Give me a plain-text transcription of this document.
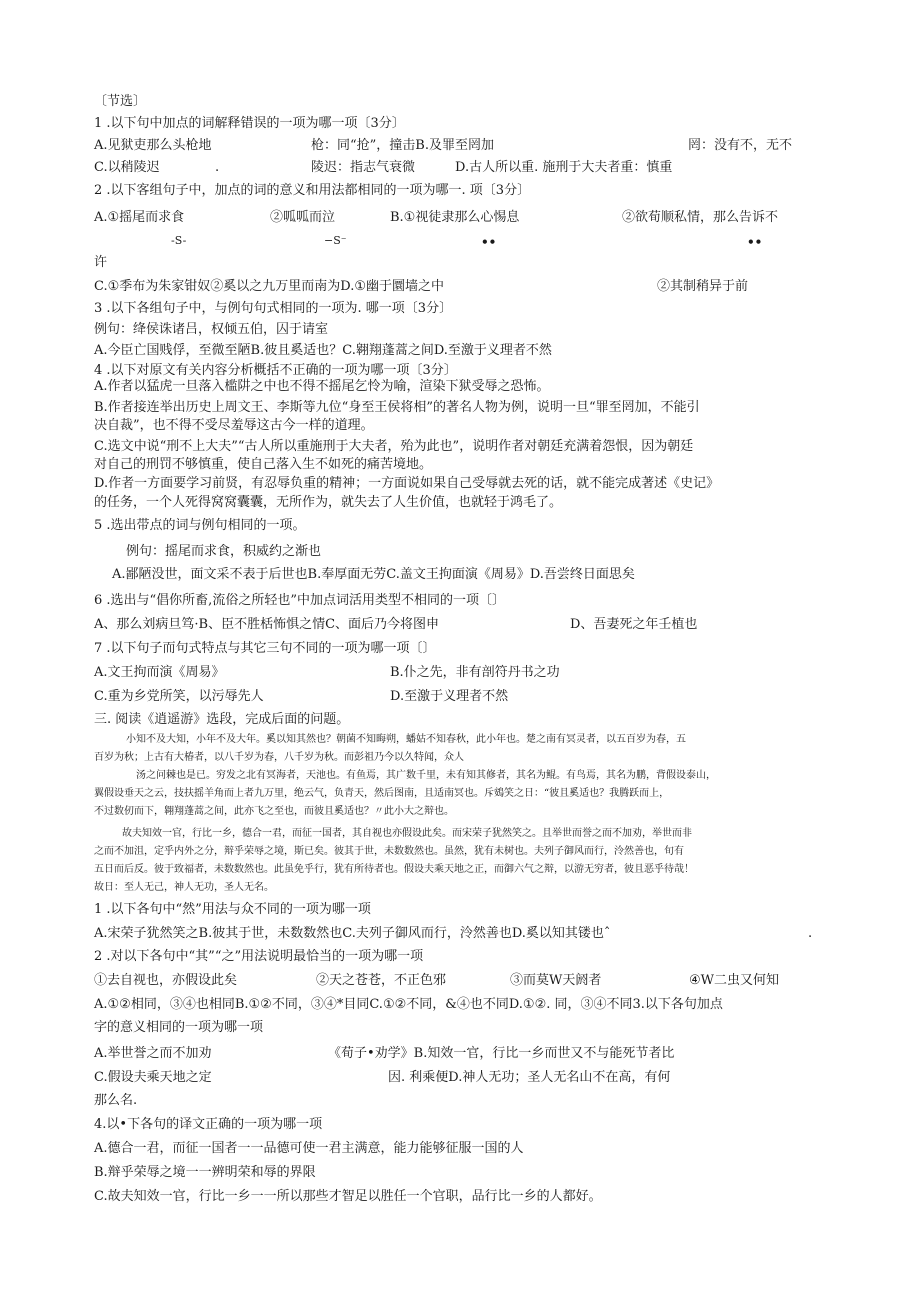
〔节选〕
1 .以下句中加点的词解释错误的一项为哪一项〔3分〕
A.见狱吏那么头枪地	枪：同“抢”，撞击B.及罪至罔加	罔：没有不，无不
C.以稍陵迟	.	陵迟：指志气衰微	D.古人所以重. 施刑于大夫者重：慎重
2 .以下客组句子中，加点的词的意义和用法都相同的一项为哪一. 项〔3分〕
A.①摇尾而求食	②呱呱而泣	B.①视徒隶那么心惕息	②欲荀顺私情，那么告诉不
-S-	−S⁻	••	••
许
C.①季布为朱家钳奴②奚以之九万里而南为D.①幽于圜墙之中	②其制稍异于前
3 .以下各组句子中，与例句句式相同的一项为. 哪一项〔3分〕
例句：绛侯诛诸吕，权倾五伯，囚于请室
A.今臣亡国贱俘，至微至陋B.彼且奚适也？C.翱翔蓬蒿之间D.至激于义理者不然
4 .以下对原文有关内容分析概括不正确的一项为哪一项〔3分〕
A.作者以猛虎一旦落入槛阱之中也不得不摇尾乞怜为喻，渲染下狱受辱之恐怖。
B.作者接连举出历史上周文王、李斯等九位“身至王侯将相”的著名人物为例，说明一旦“罪至罔加，不能引
决自裁”，也不得不受尽羞辱这古今一样的道理。
C.选文中说“刑不上大夫”“古人所以重施刑于大夫者，殆为此也”，说明作者对朝廷充满着怨恨，因为朝廷
对自己的刑罚不够慎重，使自己落入生不如死的痛苦境地。
D.作者一方面要学习前贤，有忍辱负重的精神；一方面说如果自己受辱就去死的话，就不能完成著述《史记》
的任务，一个人死得窝窝囊囊，无所作为，就失去了人生价值，也就轻于鸿毛了。
5 .选出带点的词与例句相同的一项。
例句：摇尾而求食，积威约之渐也
A.鄙陋没世，面文采不表于后世也B.奉厚面无劳C.盖文王拘面演《周易》D.吾尝终日面思矣
6 .选出与“倡你所畜,流俗之所轻也”中加点词活用类型不相同的一项〔〕
A、那么刘病旦笃·B、臣不胜栝怖惧之情C、面后乃今将图申	D、吾妻死之年壬植也
7 .以下句子而句式特点与其它三句不同的一项为哪一项〔〕
A.文王拘而演《周易》	B.仆之先，非有剖符丹书之功
C.重为乡党所笑，以污辱先人	D.至激于义理者不然
三. 阅读《逍遥游》选段，完成后面的问题。
小知不及大知，小年不及大年。奚以知其然也？朝菌不知晦朔，蟠姑不知春秋，此小年也。楚之南有冥灵者，以五百岁为春，五
百岁为秋；上古有大椿者，以八千岁为春，八千岁为秋。而彭祖乃今以久特闻，众人
汤之问棘也是已。穷发之北有冥海者，天池也。有鱼焉，其广数千里，未有知其修者，其名为鲲。有鸟焉，其名为鹏，背假设泰山，
翼假设垂天之云，技扶摇羊角而上者九万里，绝云气，负青天，然后图南，且适南冥也。斥鴳笑之日：“彼且奚适也？我腾跃而上，
不过数仞而下，翱翔蓬蒿之间，此亦飞之至也，而彼且奚适也？〃此小大之辩也。
故夫知效一官，行比一乡，德合一君，而征一国者，其自视也亦假设此矣。而宋荣子犹然笑之。且举世而誉之而不加劝，举世而非
之而不加沮，定乎内外之分，辩乎荣辱之境，斯已矣。彼其于世，未数数然也。虽然，犹有未树也。夫列子御风而行，泠然善也，旬有
五日而后反。彼于致福者，未数数然也。此虽免乎行，犹有所待者也。假设夫乘天地之正，而御六气之辩，以游无穷者，彼且恶乎待哉！
故日：至人无己，神人无功，圣人无名。
1 .以下各句中“然”用法与众不同的一项为哪一项
A.宋荣子犹然笑之B.彼其于世，未数数然也C.夫列子御风而行，泠然善也D.奚以知其镂也ˆ	.
2 .对以下各句中“其”“之”用法说明最恰当的一项为哪一项
①去自视也，亦假设此矣	②天之苍苍，不正色邪	③而莫W天阏者	④W二虫又何知
A.①②相同，③④也相同B.①②不同，③④*目同C.①②不同，&④也不同D.①②. 同，③④不同3.以下各句加点
字的意义相同的一项为哪一项
A.举世誉之而不加劝	《荀子•劝学》B.知效一官，行比一乡而世又不与能死节者比
C.假设夫乘天地之定	因. 利乘便D.神人无功；圣人无名山不在高，有何
那么名.
4.以•下各句的译文正确的一项为哪一项
A.德合一君，而征一国者一一品德可使一君主满意，能力能够征服一国的人
B.辩乎荣辱之境一一辨明荣和辱的界限
C.故夫知效一官，行比一乡一一所以那些才智足以胜任一个官职，品行比一乡的人都好。
